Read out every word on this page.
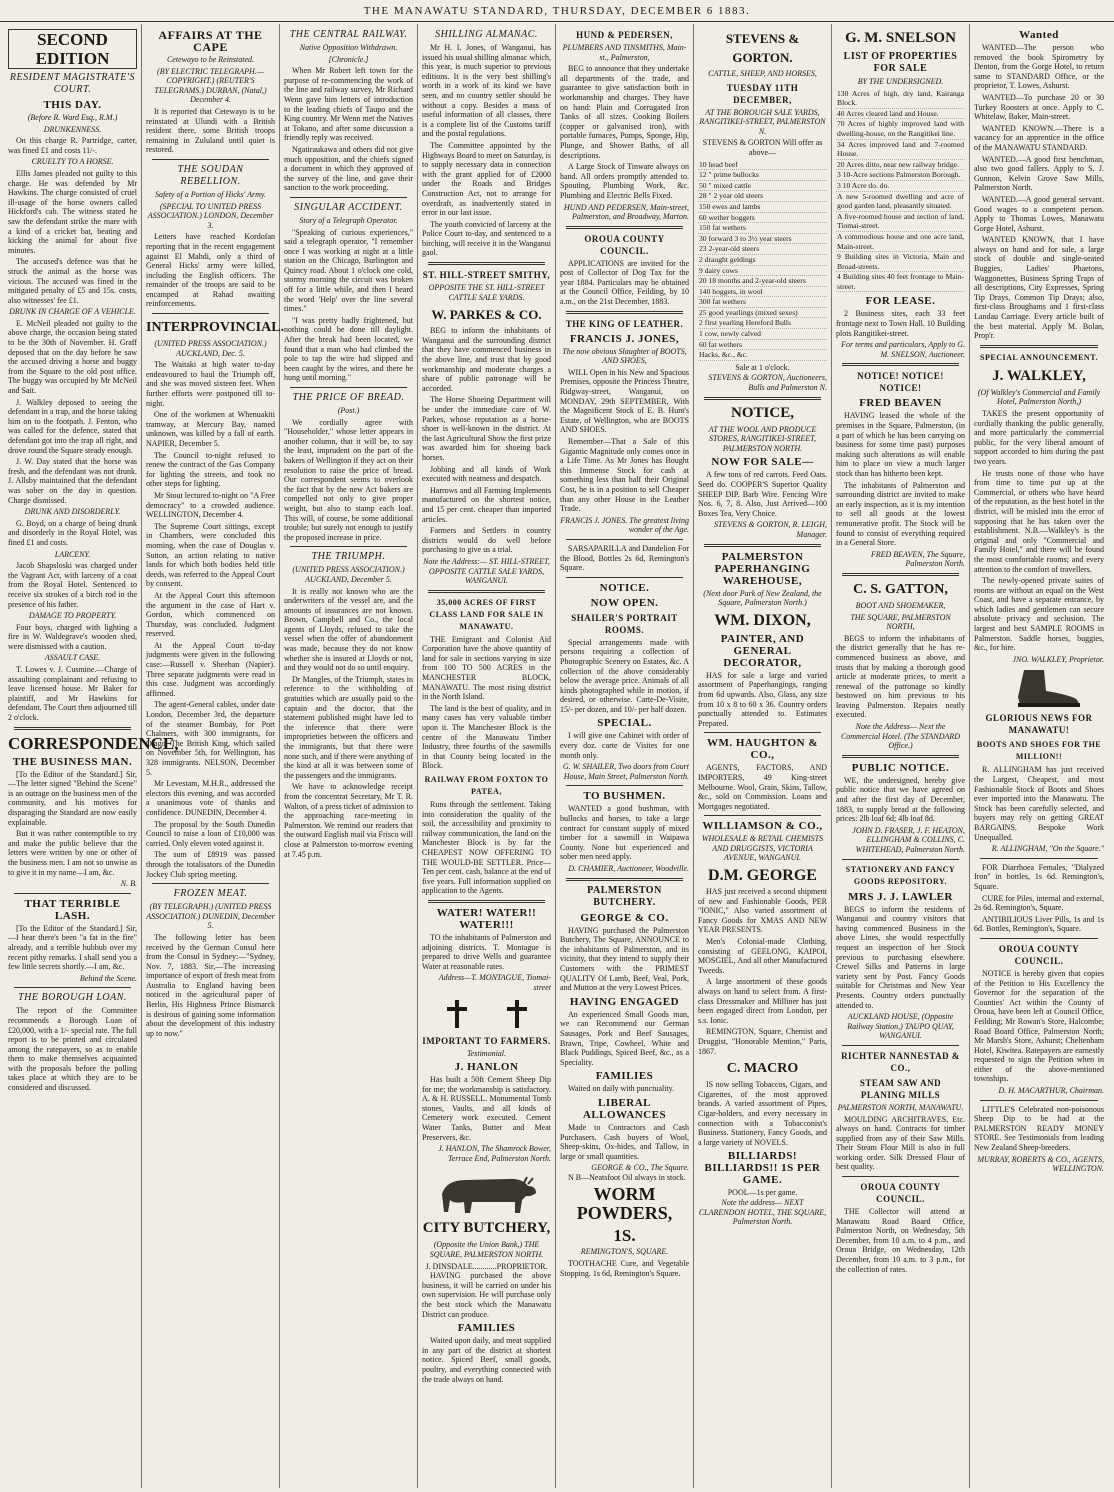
THE MANAWATU STANDARD, THURSDAY, DECEMBER 6 1883.
SECOND EDITION
RESIDENT MAGISTRATE'S COURT.
THIS DAY.
(Before R. Ward Esq., R.M.)
DRUNKENNESS.

On this charge R. Partridge, carter, was fined £1 and costs 11/-.

CRUELTY TO A HORSE.

Ellis James pleaded not guilty to this charge. He was defended by Mr Hawkins. The charge consisted of cruel ill-usage of the horse owners called Hickford's cab. The witness stated he saw the defendant strike the mare with a kind of a cricket bat, beating and kicking the animal for about five minutes.

The accused's defence was that he struck the animal as the horse was vicious. The accused was fined in the mitigated penalty of £5 and 15s. costs, also witnesses' fee £1.

DRUNK IN CHARGE OF A VEHICLE.

E. McNeil pleaded not guilty to the above charge, the occasion being stated to be the 30th of November. H. Graff deposed that on the day before he saw the accused driving a horse and buggy from the Square to the old post office. The buggy was occupied by Mr McNeil and Sait.

J. Walkley deposed to seeing the defendant in a trap, and the horse taking him on to the footpath. J. Fenton, who was called for the defence, stated that defendant got into the trap all right, and drove round the Square steady enough.

J. W. Day stated that the horse was fresh, and the defendant was not drunk. J. Allsby maintained that the defendant was sober on the day in question. Charge dismissed.

DRUNK AND DISORDERLY.

G. Boyd, on a charge of being drunk and disorderly in the Royal Hotel, was fined £1 and costs.

LARCENY.

Jacob Shapsloski was charged under the Vagrant Act, with larceny of a coat from the Royal Hotel. Sentenced to receive six strokes of a birch rod in the presence of his father.

DAMAGE TO PROPERTY.

Four boys, charged with lighting a fire in W. Waldegrave's wooden shed, were dismissed with a caution.

ASSAULT CASE.

T. Lowes v. J. Cusmine.—Charge of assaulting complainant and refusing to leave licensed house. Mr Baker for plaintiff, and Mr Hawkins for defendant. The Court then adjourned till 2 o'clock.

CORRESPONDENCE,
THE BUSINESS MAN.

[To the Editor of the Standard.] Sir,—The letter signed "Behind the Scene" is an outrage on the business men of the community, and his motives for disparaging the Standard are now easily explainable.

But it was rather contemptible to try and make the public believe that the letters were written by one or other of the business men. I am not so unwise as to give it in my name—I am, &c.

N. B.
THAT TERRIBLE LASH.

[To the Editor of the Standard.] Sir,—I hear there's been "a fat in the fire" already, and a terrible hubbub over my recent pithy remarks. I shall send you a few little secrets shortly.—I am, &c.

Behind the Scene.
THE BOROUGH LOAN.

The report of the Committee recommends a Borough Loan of £20,000, with a 1/- special rate. The full report is to be printed and circulated among the ratepayers, so as to enable them to make themselves acquainted with the proposals before the polling takes place at which they are to be considered and discussed.

AFFAIRS AT THE CAPE
Cetewayo to be Reinstated.
(BY ELECTRIC TELEGRAPH.—COPYRIGHT.) (REUTER'S TELEGRAMS.) DURBAN, (Natal,) December 4.

It is reported that Cetewayo is to be reinstated at Ulundi with a British resident there, some British troops remaining in Zululand until quiet is restored.

THE SOUDAN REBELLION.
Safety of a Portion of Hicks' Army.
(SPECIAL TO UNITED PRESS ASSOCIATION.) LONDON, December 3.

Letters have reached Kordofan reporting that in the recent engagement against El Mahdi, only a third of General Hicks' army were killed, including the English officers. The remainder of the troops are said to be encamped at Rahad awaiting reinforcements.

INTERPROVINCIAL.
(UNITED PRESS ASSOCIATION.) AUCKLAND, Dec. 5.

The Waitaki at high water to-day endeavoured to haul the Triumph off, and she was moved sixteen feet. When further efforts were postponed till to-night.

One of the workmen at Whenuakiti tramway, at Mercury Bay, named unknown, was killed by a fall of earth. NAPIER, December 5.

The Council to-night refused to renew the contract of the Gas Company for lighting the streets, and took no other steps for lighting.

Mr Stout lectured to-night on "A Free democracy" to a crowded audience. WELLINGTON, December 4.

The Supreme Court sittings, except in Chambers, were concluded this morning, when the case of Douglas v. Sutton, an action relating to native lands for which both bodies held title deeds, was referred to the Appeal Court by consent.

At the Appeal Court this afternoon the argument in the case of Hart v. Gordon, which commenced on Thursday, was concluded. Judgment reserved.

At the Appeal Court to-day judgments were given in the following case:—Russell v. Sheehan (Napier). Three separate judgments were read in this case. Judgment was accordingly affirmed.

The agent-General cables, under date London, December 3rd, the departure of the steamer Bombay, for Port Chalmers, with 300 immigrants, for Otago. The British King, which sailed on November 5th, for Wellington, has 328 immigrants. NELSON, December 5.

Mr Levestam, M.H.R., addressed the electors this evening, and was accorded a unanimous vote of thanks and confidence. DUNEDIN, December 4.

The proposal by the South Dunedin Council to raise a loan of £10,000 was carried. Only eleven voted against it.

The sum of £8919 was passed through the totalisators of the Dunedin Jockey Club spring meeting.

FROZEN MEAT.
(BY TELEGRAPH.) (UNITED PRESS ASSOCIATION.) DUNEDIN, December 5.

The following letter has been received by the German Consul here from the Consul in Sydney:—"Sydney, Nov. 7, 1883. Sir,—The increasing importance of export of fresh meat from Australia to England having been noticed in the agricultural paper of Berlin, His Highness Prince Bismarck is desirous of gaining some information about the development of this industry up to now."

THE CENTRAL RAILWAY.
Native Opposition Withdrawn.
[Chronicle.]

When Mr Robert left town for the purpose of re-commencing the work of the line and railway survey, Mr Richard Wenn gave him letters of introduction to the leading chiefs of Taupo and the King country. Mr Wenn met the Natives at Tokano, and after some discussion a friendly reply was received.

Ngatiraukawa and others did not give much opposition, and the chiefs signed a document in which they approved of the survey of the line, and gave their sanction to the work proceeding.

SINGULAR ACCIDENT.
Story of a Telegraph Operator.

"Speaking of curious experiences," said a telegraph operator, "I remember once I was working at night at a little station on the Chicago, Burlington and Quincy road. About 1 o'clock one cold, stormy morning the circuit was broken off for a little while, and then I heard the word 'Help' over the line several times."

"I was pretty badly frightened, but nothing could be done till daylight. After the break had been located, we found that a man who had climbed the pole to tap the wire had slipped and been caught by the wires, and there he hung until morning."

THE PRICE OF BREAD.
(Post.)

We cordially agree with "Householder," whose letter appears in another column, that it will be, to say the least, imprudent on the part of the bakers of Wellington if they act on their resolution to raise the price of bread. Our correspondent seems to overlook the fact that by the new Act bakers are compelled not only to give proper weight, but also to stamp each loaf. This will, of course, be some additional trouble; but surely not enough to justify the proposed increase in price.

THE TRIUMPH.
(UNITED PRESS ASSOCIATION.) AUCKLAND, December 5.

It is really not known who are the underwriters of the vessel are, and the amounts of insurances are not known. Brown, Campbell and Co., the local agents of Lloyds, refused to take the vessel when the offer of abandonment was made, because they do not know whether she is insured at Lloyds or not, and they would not do so until enquiry.

Dr Mangles, of the Triumph, states in reference to the withholding of gratuities which are usually paid to the captain and the doctor, that the statement published might have led to the inference that there were improprieties between the officers and the immigrants, but that there were none such, and if there were anything of the kind at all it was between some of the passengers and the immigrants.

We have to acknowledge receipt from the concentrat Secretary, Mr T. R. Walton, of a press ticket of admission to the approaching race-meeting in Palmerston. We remind our readers that the outward English mail via Frisco will close at Palmerston to-morrow evening at 7.45 p.m.

SHILLING ALMANAC.

Mr H. I. Jones, of Wanganui, has issued his usual shilling almanac which, this year, is much superior to previous editions. It is the very best shilling's worth in a work of its kind we have seen, and no country settler should be without a copy. Besides a mass of useful information of all classes, there is a complete list of the Customs tariff and the postal regulations.

The Committee appointed by the Highways Board to meet on Saturday, is to supply necessary data in connection with the grant applied for of £2000 under the Roads and Bridges Construction Act, not to arrange for overdraft, as inadvertently stated in error in our last issue.

The youth convicted of larceny at the Police Court to-day, and sentenced to a birching, will receive it in the Wanganui gaol.

ST. HILL-STREET SMITHY,
OPPOSITE THE ST. HILL-STREET CATTLE SALE YARDS.
W. PARKES & CO.

BEG to inform the inhabitants of Wanganui and the surrounding district that they have commenced business in the above line, and trust that by good workmanship and moderate charges a share of public patronage will be accorded.

The Horse Shoeing Department will be under the immediate care of W. Parkes, whose reputation as a horse-shoer is well-known in the district. At the last Agricultural Show the first prize was awarded him for shoeing back horses.

Jobbing and all kinds of Work executed with neatness and despatch.

Harrows and all Farming Implements manufactured on the shortest notice, and 15 per cent. cheaper than imported articles.

Farmers and Settlers in country districts would do well before purchasing to give us a trial.

Note the Address:— ST. HILL-STREET, OPPOSITE CATTLE SALE YARDS, WANGANUI.
35,000 ACRES OF FIRST CLASS LAND FOR SALE IN MANAWATU.

THE Emigrant and Colonist Aid Corporation have the above quantity of land for sale in sections varying in size from 100 TO 500 ACRES in the MANCHESTER BLOCK, MANAWATU. The most rising district in the North Island.

The land is the best of quality, and in many cases has very valuable timber upon it. The Manchester Block is the centre of the Manawatu Timber Industry, three fourths of the sawmills in that County being located in the Block.

RAILWAY FROM FOXTON TO PATEA,

Runs through the settlement. Taking into consideration the quality of the soil, the accessibility and proximity to railway communication, the land on the Manchester Block is by far the CHEAPEST NOW OFFERING TO THE WOULD-BE SETTLER. Price—Ten per cent. cash, balance at the end of five years. Full information supplied on application to the Agents.

WATER! WATER!! WATER!!!

TO the inhabitants of Palmerston and adjoining districts. T. Montague is prepared to drive Wells and guarantee Water at reasonable rates.

Address—T. MONTAGUE, Tiomai-street
IMPORTANT TO FARMERS.
Testimonial.
J. HANLON

Has built a 50ft Cement Sheep Dip for me; the workmanship is satisfactory. A. & H. RUSSELL. Monumental Tomb stones, Vaults, and all kinds of Cemetery work executed. Cement Water Tanks, Butter and Meat Preservers, &c.

J. HANLON, The Shamrock Bower, Terrace End, Palmerston North.
CITY BUTCHERY,
(Opposite the Union Bank,) THE SQUARE, PALMERSTON NORTH.
J. DINSDALE............PROPRIETOR.

HAVING purchased the above business, it will be carried on under his own supervision. He will purchase only the best stock which the Manawatu District can produce.

FAMILIES

Waited upon daily, and meat supplied in any part of the district at shortest notice. Spiced Beef, small goods, poultry, and everything connected with the trade always on hand.

HUND & PEDERSEN,
PLUMBERS AND TINSMITHS, Main-st., Palmerston,

BEG to announce that they undertake all departments of the trade, and guarantee to give satisfaction both in workmanship and charges. They have on hand: Plain and Corrugated Iron Tanks of all sizes. Cooking Boilers (copper or galvanised iron), with portable furnaces, Pumps, Sponge, Hip, Plunge, and Shower Baths, of all descriptions.

A Large Stock of Tinware always on hand. All orders promptly attended to. Spouting, Plumbing Work, &c. Plumbing and Electric Bells Fixed.

HUND AND PEDERSEN, Main-street, Palmerston, and Broadway, Marton.
OROUA COUNTY COUNCIL.

APPLICATIONS are invited for the post of Collector of Dog Tax for the year 1884. Particulars may be obtained at the Council Office, Feilding, by 10 a.m., on the 21st December, 1883.

THE KING OF LEATHER.
FRANCIS J. JONES,
The now obvious Slaughter of BOOTS, AND SHOES,

WILL Open in his New and Spacious Premises, opposite the Princess Theatre, Ridgway-street, Wanganui, on MONDAY, 29th SEPTEMBER, With the Magnificent Stock of E. B. Hunt's Estate, of Wellington, who are BOOTS AND SHOES.

Remember—That a Sale of this Gigantic Magnitude only comes once in a Life Time. As Mr Jones has Bought this Immense Stock for cash at something less than half their Original Cost, he is in a position to sell Cheaper than any other House in the Leather Trade.

FRANCIS J. JONES. The greatest living wonder of the Age.

SARSAPARILLA and Dandelion For the Blood, Bottles 2s 6d, Remington's Square.

NOTICE.
NOW OPEN.
SHAILER'S PORTRAIT ROOMS.

Special arrangements made with persons requiring a collection of Photographic Scenery on Estates, &c. A collection of the above considerably below the average price. Animals of all kinds photographed while in motion, if desired, or otherwise. Carte-De-Visite, 15/- per dozen, and 10/- per half dozen.

SPECIAL.

I will give one Cabinet with order of every doz. carte de Visites for one month only.

G. W. SHAILER, Two doors from Court House, Main Street, Palmerston North.
TO BUSHMEN.

WANTED a good bushman, with bullocks and horses, to take a large contract for constant supply of mixed timber for a sawmill in Waipawa County. None but experienced and sober men need apply.

D. CHAMIER, Auctioneer, Woodville.
PALMERSTON BUTCHERY.
GEORGE & CO.

HAVING purchased the Palmerston Butchery, The Square, ANNOUNCE to the inhabitants of Palmerston, and its vicinity, that they intend to supply their Customers with the PRIMEST QUALITY Of Lamb, Beef, Veal, Pork, and Mutton at the very Lowest Prices.

HAVING ENGAGED

An experienced Small Goods man, we can Recommend our German Sausages, Pork and Beef Sausages, Brawn, Tripe, Cowheel, White and Black Puddings, Spiced Beef, &c., as a Speciality.

FAMILIES

Waited on daily with punctuality.

LIBERAL ALLOWANCES

Made to Contractors and Cash Purchasers. Cash buyers of Wool, Sheep-skins, Ox-hides, and Tallow, in large or small quantities.

GEORGE & CO., The Square.

N B—Neatsfoot Oil always in stock.

WORM POWDERS,
1S.
REMINGTON'S, SQUARE.

TOOTHACHE Cure, and Vegetable Stopping. 1s 6d, Remington's Square.

STEVENS & GORTON.
CATTLE, SHEEP, AND HORSES,
TUESDAY 11TH DECEMBER,
AT THE BOROUGH SALE YARDS, RANGITIKEI-STREET, PALMERSTON N.
STEVENS & GORTON Will offer as above—
10 head beef
12 " prime bullocks
50 " mixed cattle
28 " 2 year old steers
150 ewes and lambs
60 wether hoggets
150 fat wethers
30 forward 3 to 3½ year steers
23 2-year-old steers
2 draught geldings
9 dairy cows
20 18 months and 2-year-old steers
140 hoggets, in wool
300 fat wethers
25 good yearlings (mixed sexes)
2 first yearling Hereford Bulls
1 cow, newly calved
60 fat wethers
Hacks, &c., &c.
Sale at 1 o'clock.
STEVENS & GORTON, Auctioneers, Bulls and Palmerston N.
NOTICE,
AT THE WOOL AND PRODUCE STORES, RANGITIKEI-STREET, PALMERSTON NORTH.
NOW FOR SALE—

A few tons of red carrots. Feed Oats. Seed do. COOPER'S Superior Quality SHEEP DIP. Barb Wire. Fencing Wire Nos. 6, 7, 8. Also, Just Arrived—100 Boxes Tea, Very Choice.

STEVENS & GORTON, R. LEIGH, Manager.
PALMERSTON PAPERHANGING WAREHOUSE,
(Next door Park of New Zealand, the Square, Palmerston North.)
WM. DIXON,
PAINTER, AND GENERAL DECORATOR,

HAS for sale a large and varied assortment of Paperhangings, ranging from 6d upwards. Also, Glass, any size from 10 x 8 to 60 x 36. Country orders punctually attended to. Estimates Prepared.

WM. HAUGHTON & CO.,

AGENTS, FACTORS, AND IMPORTERS, 49 King-street Melbourne. Wool, Grain, Skins, Tallow, &c., sold on Commission. Loans and Mortgages negotiated.

WILLIAMSON & CO.,
WHOLESALE & RETAIL CHEMISTS AND DRUGGISTS, VICTORIA AVENUE, WANGANUI.
D.M. GEORGE

HAS just received a second shipment of new and Fashionable Goods, PER "IONIC," Also varied assortment of Fancy Goods for XMAS AND NEW YEAR PRESENTS.

Men's Colonial-made Clothing, consisting of GEELONG, KAIPOI, MOSGIEL, And all other Manufactured Tweeds.

A large assortment of these goods always on hand to select from. A first-class Dressmaker and Milliner has just been engaged direct from London, per s.s. Ionic.

REMINGTON, Square, Chemist and Druggist, "Honorable Mention," Paris, 1867.

C. MACRO

IS now selling Tobaccos, Cigars, and Cigarettes, of the most approved brands. A varied assortment of Pipes, Cigar-holders, and every necessary in connection with a Tobacconist's Business. Stationery, Fancy Goods, and a large variety of NOVELS.

BILLIARDS! BILLIARDS!! 1S PER GAME.
POOL—1s per game.
Note the address— NEXT CLARENDON HOTEL, THE SQUARE, Palmerston North.
G. M. SNELSON
LIST OF PROPERTIES FOR SALE
BY THE UNDERSIGNED.
130 Acres of high, dry land, Kairanga Block.
40 Acres cleared land and House.
70 Acres of highly improved land with dwelling-house, on the Rangitikei line.
34 Acres improved land and 7-roomed House.
20 Acres ditto, near new railway bridge.
3 10-Acre sections Palmerston Borough.
3 10 Acre do. do.
A new 5-roomed dwelling and acre of good garden land, pleasantly situated.
A five-roomed house and section of land, Tiomai-street.
A commodious house and one acre land, Main-street.
9 Building sites in Victoria, Main and Broad-streets.
4 Building sites 40 feet frontage to Main-street.
FOR LEASE.

2 Business sites, each 33 feet frontage next to Town Hall. 10 Building plots Rangitikei-street.

For terms and particulars, Apply to G. M. SNELSON, Auctioneer.
NOTICE! NOTICE! NOTICE!
FRED BEAVEN

HAVING leased the whole of the premises in the Square, Palmerston, (in a part of which he has been carrying on business for some time past) purposes making such alterations as will enable him to place on view a much larger stock than has hitherto been kept.

The inhabitants of Palmerston and surrounding district are invited to make an early inspection, as it is my intention to sell all goods at the lowest remunerative profit. The Stock will be found to consist of everything required in a General Store.

FRED BEAVEN, The Square, Palmerston North.
C. S. GATTON,
BOOT AND SHOEMAKER,
THE SQUARE, PALMERSTON NORTH,

BEGS to inform the inhabitants of the district generally that he has re-commenced business as above, and trusts that by making a thorough good article at moderate prices, to merit a renewal of the patronage so kindly bestowed on him previous to his leaving Palmerston. Repairs neatly executed.

Note the Address— Next the Commercial Hotel. (The STANDARD Office.)
PUBLIC NOTICE.

WE, the undersigned, hereby give public notice that we have agreed on and after the first day of December, 1883, to supply bread at the following prices: 2lb loaf 6d; 4lb loaf 8d.

JOHN D. FRASER, J. F. HEATON, ELLINGHAM & COLLINS, C. WHITEHEAD, Palmerston North.
STATIONERY AND FANCY GOODS REPOSITORY.
MRS J. J. LAWLER

BEGS to inform the residents of Wanganui and country visitors that having commenced Business in the above Lines, she would respectfully request an inspection of her Stock previous to purchasing elsewhere. Crewel Silks and Patterns in large variety sent by Post. Fancy Goods suitable for Christmas and New Year Presents. Country orders punctually attended to.

AUCKLAND HOUSE, (Opposite Railway Station,) TAUPO QUAY, WANGANUI.
RICHTER NANNESTAD & CO.,
STEAM SAW AND PLANING MILLS
PALMERSTON NORTH, MANAWATU.

MOULDING ARCHITRAVES, Etc. always on hand. Contracts for timber supplied from any of their Saw Mills. Their Steam Flour Mill is also in full working order. Silk Dressed Flour of best quality.

OROUA COUNTY COUNCIL.

THE Collector will attend at Manawatu Road Board Office, Palmerston North, on Wednesday, 5th December, from 10 a.m. to 4 p.m., and Oroua Bridge, on Wednesday, 12th December, from 10 a.m. to 3 p.m., for the collection of rates.

Wanted

WANTED—The person who removed the book Spirometry by Denton, from the Gorge Hotel, to return same to STANDARD Office, or the proprietor, T. Lowes, Ashurst.

WANTED—To purchase 20 or 30 Turkey Roosters at once. Apply to C. Whitelaw, Baker, Main-street.

WANTED KNOWN.—There is a vacancy for an apprentice in the office of the MANAWATU STANDARD.

WANTED.—A good first benchman, also two good fallers. Apply to S. J. Gunnon, Kelvin Grove Saw Mills, Palmerston North.

WANTED.—A good general servant. Good wages to a competent person. Apply to Thomas Lowes, Manawatu Gorge Hotel, Ashurst.

WANTED KNOWN, that I have always on hand and for sale, a large stock of double and single-seated Buggies, Ladies' Phaetons, Waggonettes, Business Spring Traps of all descriptions, City Expresses, Spring Tip Drays, Common Tip Drays; also, first-class Broughams and 1 first-class Landau Carriage. Every article built of the best material. Apply M. Bolan, Prop'r.

SPECIAL ANNOUNCEMENT.
J. WALKLEY,
(Of Walkley's Commercial and Family Hotel, Palmerston North,)

TAKES the present opportunity of cordially thanking the public generally, and more particularly the commercial public, for the very liberal amount of support accorded to him during the past two years.

He trusts none of those who have from time to time put up at the Commercial, or others who have heard of the reputation, as the best hotel in the district, will be misled into the error of supposing that he has taken over the establishment. N.B.—Walkley's is the original and only "Commercial and Family Hotel," and there will be found the most comfortable rooms; and every attention to the comfort of travellers.

The newly-opened private suites of rooms are without an equal on the West Coast, and have a separate entrance, by which ladies and gentlemen can secure absolute privacy and seclusion. The largest and best SAMPLE ROOMS in Palmerston. Saddle horses, buggies, &c., for hire.

JNO. WALKLEY, Proprietor.
GLORIOUS NEWS FOR MANAWATU!
BOOTS AND SHOES FOR THE MILLION!!

R. ALLINGHAM has just received the Largest, Cheapest, and most Fashionable Stock of Boots and Shoes ever imported into the Manawatu. The Stock has been carefully selected, and buyers may rely on getting GREAT BARGAINS. Bespoke Work Unequalled.

R. ALLINGHAM, "On the Square."

FOR Diarrhoea Females, "Dialyzed Iron" in bottles, 1s 6d. Remington's, Square.

CURE for Piles, internal and external, 2s 6d. Remington's, Square.

ANTIBILIOUS Liver Pills, 1s and 1s 6d. Bottles, Remington's, Square.

OROUA COUNTY COUNCIL.

NOTICE is hereby given that copies of the Petition to His Excellency the Governor for the separation of the Counties' Act within the County of Oroua, have been left at Council Office, Feilding; Mr Rowan's Store, Halcombe; Road Board Office, Palmerston North; Mr Marsh's Store, Ashurst; Cheltenham Hotel, Kiwitea. Ratepayers are earnestly requested to sign the Petition when in either of the above-mentioned townships.

D. H. MACARTHUR, Chairman.

LITTLE'S Celebrated non-poisonous Sheep Dip to be had at the PALMERSTON READY MONEY STORE. See Testimonials from leading New Zealand Sheep-breeders.

MURRAY, ROBERTS & CO., AGENTS, WELLINGTON.
